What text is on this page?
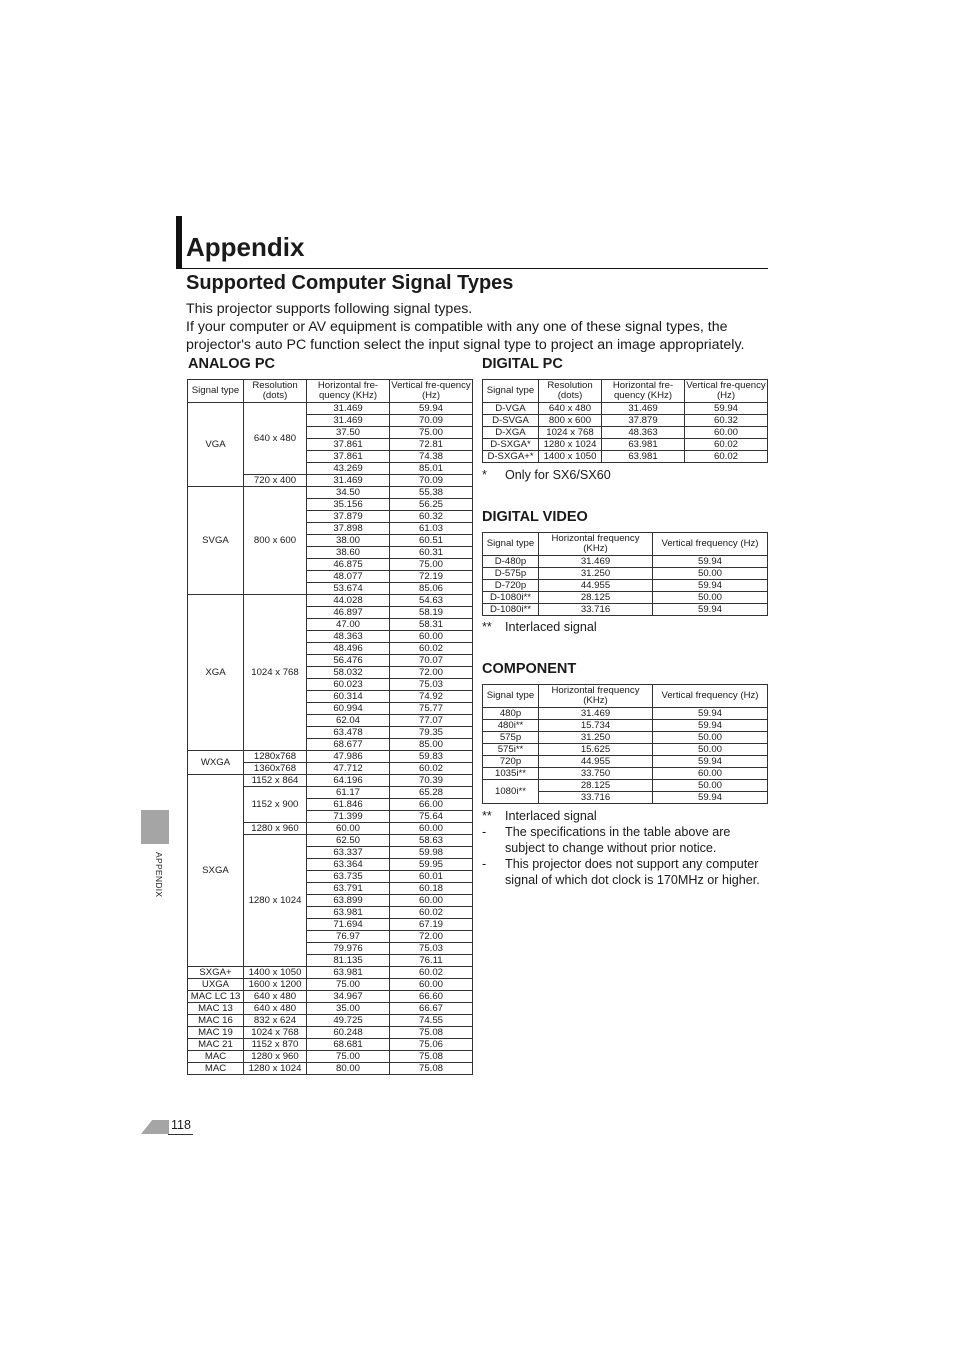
Appendix
Supported Computer Signal Types

This projector supports following signal types.

If your computer or AV equipment is compatible with any one of these signal types, the projector's auto PC function select the input signal type to project an image appropriately.

ANALOG PC
Signal type	Resolution (dots)	Horizontal fre-quency (KHz)	Vertical fre-quency (Hz)
VGA	640 x 480	31.469	59.94
		31.469	70.09
		37.50	75.00
		37.861	72.81
		37.861	74.38
		43.269	85.01
	720 x 400	31.469	70.09
SVGA	800 x 600	34.50	55.38
		35.156	56.25
		37.879	60.32
		37.898	61.03
		38.00	60.51
		38.60	60.31
		46.875	75.00
		48.077	72.19
		53.674	85.06
XGA	1024 x 768	44.028	54.63
		46.897	58.19
		47.00	58.31
		48.363	60.00
		48.496	60.02
		56.476	70.07
		58.032	72.00
		60.023	75.03
		60.314	74.92
		60.994	75.77
		62.04	77.07
		63.478	79.35
		68.677	85.00
WXGA	1280x768	47.986	59.83
	1360x768	47.712	60.02
SXGA	1152 x 864	64.196	70.39
	1152 x 900	61.17	65.28
		61.846	66.00
		71.399	75.64
	1280 x 960	60.00	60.00
	1280 x 1024	62.50	58.63
		63.337	59.98
		63.364	59.95
		63.735	60.01
		63.791	60.18
		63.899	60.00
		63.981	60.02
		71.694	67.19
		76.97	72.00
		79.976	75.03
		81.135	76.11
SXGA+	1400 x 1050	63.981	60.02
UXGA	1600 x 1200	75.00	60.00
MAC LC 13	640 x 480	34.967	66.60
MAC 13	640 x 480	35.00	66.67
MAC 16	832 x 624	49.725	74.55
MAC 19	1024 x 768	60.248	75.08
MAC 21	1152 x 870	68.681	75.06
MAC	1280 x 960	75.00	75.08
MAC	1280 x 1024	80.00	75.08
DIGITAL PC
Signal type	Resolution (dots)	Horizontal fre-quency (KHz)	Vertical fre-quency (Hz)
D-VGA	640 x 480	31.469	59.94
D-SVGA	800 x 600	37.879	60.32
D-XGA	1024 x 768	48.363	60.00
D-SXGA*	1280 x 1024	63.981	60.02
D-SXGA+*	1400 x 1050	63.981	60.02
*	Only for SX6/SX60
DIGITAL VIDEO
Signal type	Horizontal frequency (KHz)	Vertical frequency (Hz)
D-480p	31.469	59.94
D-575p	31.250	50.00
D-720p	44.955	59.94
D-1080i**	28.125	50.00
D-1080i**	33.716	59.94
**	Interlaced signal
COMPONENT
Signal type	Horizontal frequency (KHz)	Vertical frequency (Hz)
480p	31.469	59.94
480i**	15.734	59.94
575p	31.250	50.00
575i**	15.625	50.00
720p	44.955	59.94
1035i**	33.750	60.00
1080i**	28.125	50.00
	33.716	59.94
**	Interlaced signal
-	The specifications in the table above are subject to change without prior notice.
-	This projector does not support any computer signal of which dot clock is 170MHz or higher.
APPENDIX
118
